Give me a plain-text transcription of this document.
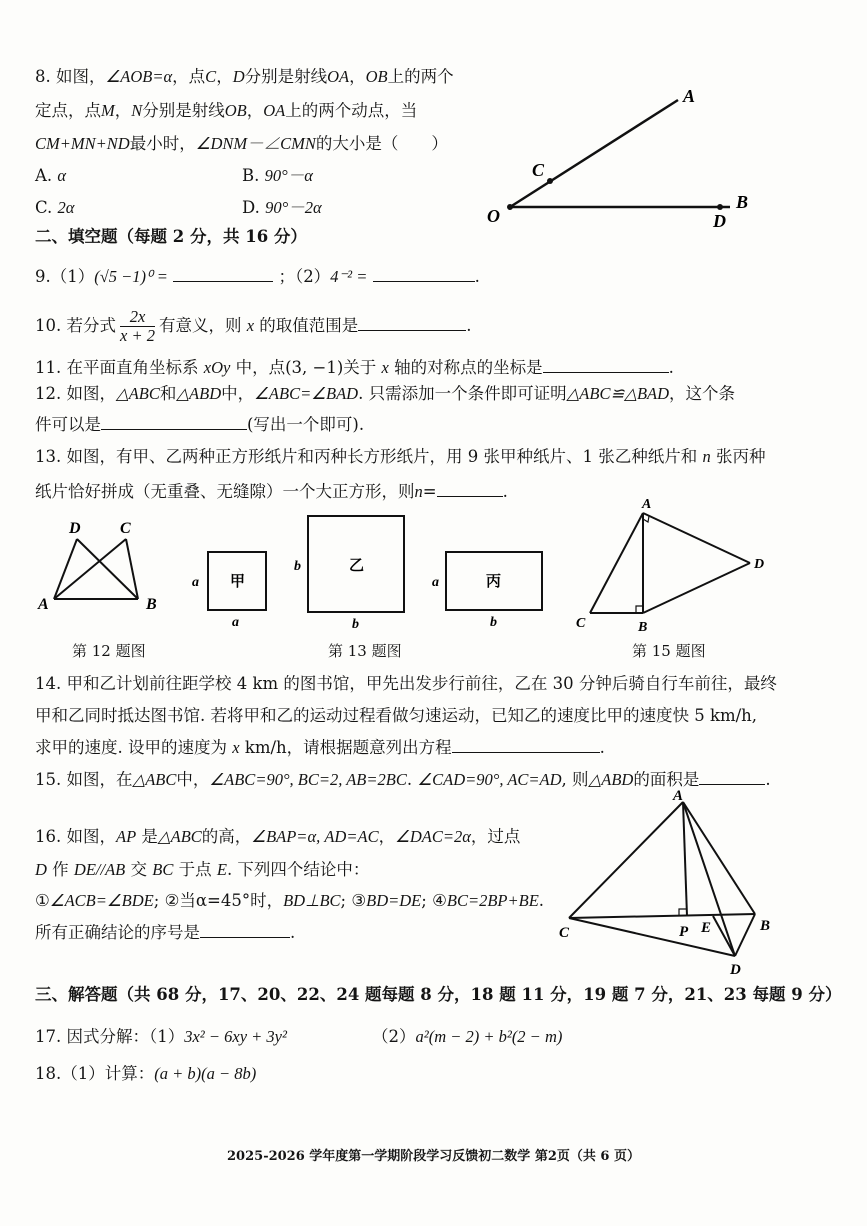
8. 如图，∠AOB=α，点C，D分别是射线OA，OB上的两个
定点，点M，N分别是射线OB，OA上的两个动点，当
CM+MN+ND最小时，∠DNM－∠CMN的大小是（　　）
A. α	B. 90°－α
C. 2α	D. 90°－2α
A
C
O	D
B
二、填空题（每题 2 分，共 16 分）
9.（1）(√5 −1)⁰ =	；（2）4⁻² =	.
10. 若分式 $\frac{2x}{x + 2}$ 有意义，则 x 的取值范围是	.
11. 在平面直角坐标系 xOy 中，点(3, −1)关于 x 轴的对称点的坐标是	.
12. 如图，△ABC和△ABD中，∠ABC=∠BAD. 只需添加一个条件即可证明△ABC≌△BAD，这个条
件可以是	(写出一个即可).
13. 如图，有甲、乙两种正方形纸片和丙种长方形纸片，用 9 张甲种纸片、1 张乙种纸片和 n 张丙种
纸片恰好拼成（无重叠、无缝隙）一个大正方形，则n=	.
D C
A	B
第 12 题图
甲
乙
丙
a
a
b
b
a
b
第 13 题图
A
D
C	B
第 15 题图
14. 甲和乙计划前往距学校 4 km 的图书馆，甲先出发步行前往，乙在 30 分钟后骑自行车前往，最终
甲和乙同时抵达图书馆. 若将甲和乙的运动过程看做匀速运动，已知乙的速度比甲的速度快 5 km/h,
求甲的速度. 设甲的速度为 x km/h，请根据题意列出方程	.
15. 如图，在△ABC中，∠ABC=90°, BC=2, AB=2BC. ∠CAD=90°, AC=AD, 则△ABD的面积是	.
16. 如图，AP 是△ABC的高，∠BAP=α, AD=AC，∠DAC=2α，过点
D 作 DE//AB 交 BC 于点 E. 下列四个结论中：
①∠ACB=∠BDE; ②当α=45°时，BD⊥BC; ③BD=DE; ④BC=2BP+BE.
所有正确结论的序号是	.
A
C	P E	B
D
三、解答题（共 68 分，17、20、22、24 题每题 8 分，18 题 11 分，19 题 7 分，21、23 每题 9 分）
17. 因式分解：（1）3x² − 6xy + 3y²	（2）a²(m − 2) + b²(2 − m)
18.（1）计算：(a + b)(a − 8b)
2025-2026 学年度第一学期阶段学习反馈初二数学 第2页（共 6 页）
